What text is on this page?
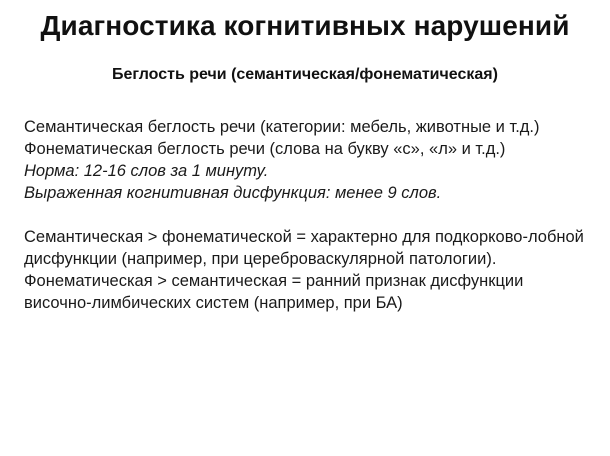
Диагностика когнитивных нарушений
Беглость речи (семантическая/фонематическая)

Семантическая беглость речи (категории: мебель, животные и т.д.)

Фонематическая беглость речи (слова на букву «с», «л» и т.д.)

Норма: 12-16 слов за 1 минуту.

Выраженная когнитивная дисфункция: менее 9 слов.

Семантическая > фонематической = характерно для подкорково-лобной дисфункции (например, при цереброваскулярной патологии).

Фонематическая > семантическая = ранний признак дисфункции височно-лимбических систем (например, при БА)
